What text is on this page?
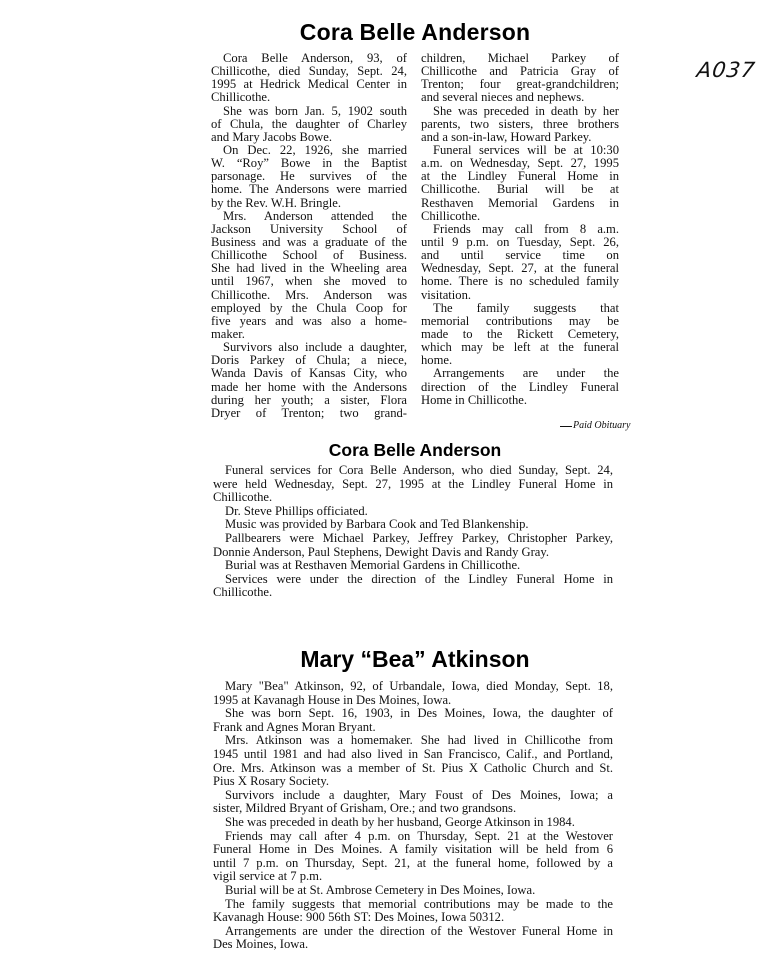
A037
Cora Belle Anderson
Cora Belle Anderson, 93, of
Chillicothe, died Sunday, Sept. 24,
1995 at Hedrick Medical Center in
Chillicothe.
She was born Jan. 5, 1902 south
of Chula, the daughter of Charley
and Mary Jacobs Bowe.
On Dec. 22, 1926, she married
W. “Roy” Bowe in the Baptist
parsonage. He survives of the
home. The Andersons were married
by the Rev. W.H. Bringle.
Mrs. Anderson attended the
Jackson University School of
Business and was a graduate of the
Chillicothe School of Business.
She had lived in the Wheeling area
until 1967, when she moved to
Chillicothe. Mrs. Anderson was
employed by the Chula Coop for
five years and was also a home-
maker.
Survivors also include a daughter,
Doris Parkey of Chula; a niece,
Wanda Davis of Kansas City, who
made her home with the Andersons
during her youth; a sister, Flora
Dryer of Trenton; two grand-
children, Michael Parkey of
Chillicothe and Patricia Gray of
Trenton; four great-grandchildren;
and several nieces and nephews.
She was preceded in death by her
parents, two sisters, three brothers
and a son-in-law, Howard Parkey.
Funeral services will be at 10:30
a.m. on Wednesday, Sept. 27, 1995
at the Lindley Funeral Home in
Chillicothe. Burial will be at
Resthaven Memorial Gardens in
Chillicothe.
Friends may call from 8 a.m.
until 9 p.m. on Tuesday, Sept. 26,
and until service time on
Wednesday, Sept. 27, at the funeral
home. There is no scheduled family
visitation.
The family suggests that
memorial contributions may be
made to the Rickett Cemetery,
which may be left at the funeral
home.
Arrangements are under the
direction of the Lindley Funeral
Home in Chillicothe.
Paid Obituary
Cora Belle Anderson
Funeral services for Cora Belle Anderson, who died Sunday, Sept. 24,
were held Wednesday, Sept. 27, 1995 at the Lindley Funeral Home in
Chillicothe.
Dr. Steve Phillips officiated.
Music was provided by Barbara Cook and Ted Blankenship.
Pallbearers were Michael Parkey, Jeffrey Parkey, Christopher Parkey,
Donnie Anderson, Paul Stephens, Dewight Davis and Randy Gray.
Burial was at Resthaven Memorial Gardens in Chillicothe.
Services were under the direction of the Lindley Funeral Home in
Chillicothe.
Mary “Bea” Atkinson
Mary "Bea" Atkinson, 92, of Urbandale, Iowa, died Monday, Sept. 18,
1995 at Kavanagh House in Des Moines, Iowa.
She was born Sept. 16, 1903, in Des Moines, Iowa, the daughter of
Frank and Agnes Moran Bryant.
Mrs. Atkinson was a homemaker. She had lived in Chillicothe from
1945 until 1981 and had also lived in San Francisco, Calif., and Portland,
Ore. Mrs. Atkinson was a member of St. Pius X Catholic Church and St.
Pius X Rosary Society.
Survivors include a daughter, Mary Foust of Des Moines, Iowa; a
sister, Mildred Bryant of Grisham, Ore.; and two grandsons.
She was preceded in death by her husband, George Atkinson in 1984.
Friends may call after 4 p.m. on Thursday, Sept. 21 at the Westover
Funeral Home in Des Moines. A family visitation will be held from 6
until 7 p.m. on Thursday, Sept. 21, at the funeral home, followed by a
vigil service at 7 p.m.
Burial will be at St. Ambrose Cemetery in Des Moines, Iowa.
The family suggests that memorial contributions may be made to the
Kavanagh House: 900 56th ST: Des Moines, Iowa 50312.
Arrangements are under the direction of the Westover Funeral Home in
Des Moines, Iowa.
